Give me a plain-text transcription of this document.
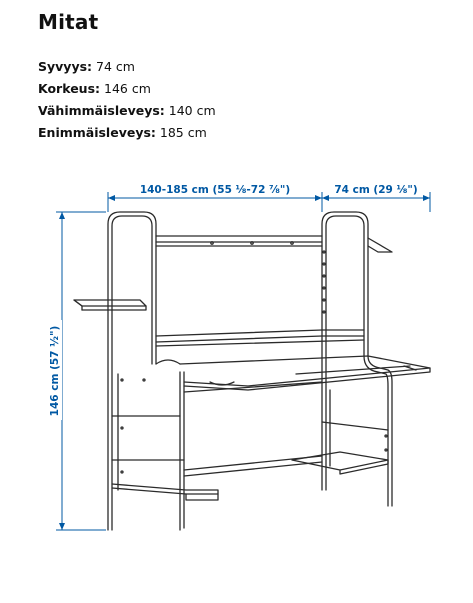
Mitat
Syvyys: 74 cm
Korkeus: 146 cm
Vähimmäisleveys: 140 cm
Enimmäisleveys: 185 cm
140-185 cm (55 ⅛-72 ⅞")	74 cm (29 ⅛")
146 cm (57 ½")
